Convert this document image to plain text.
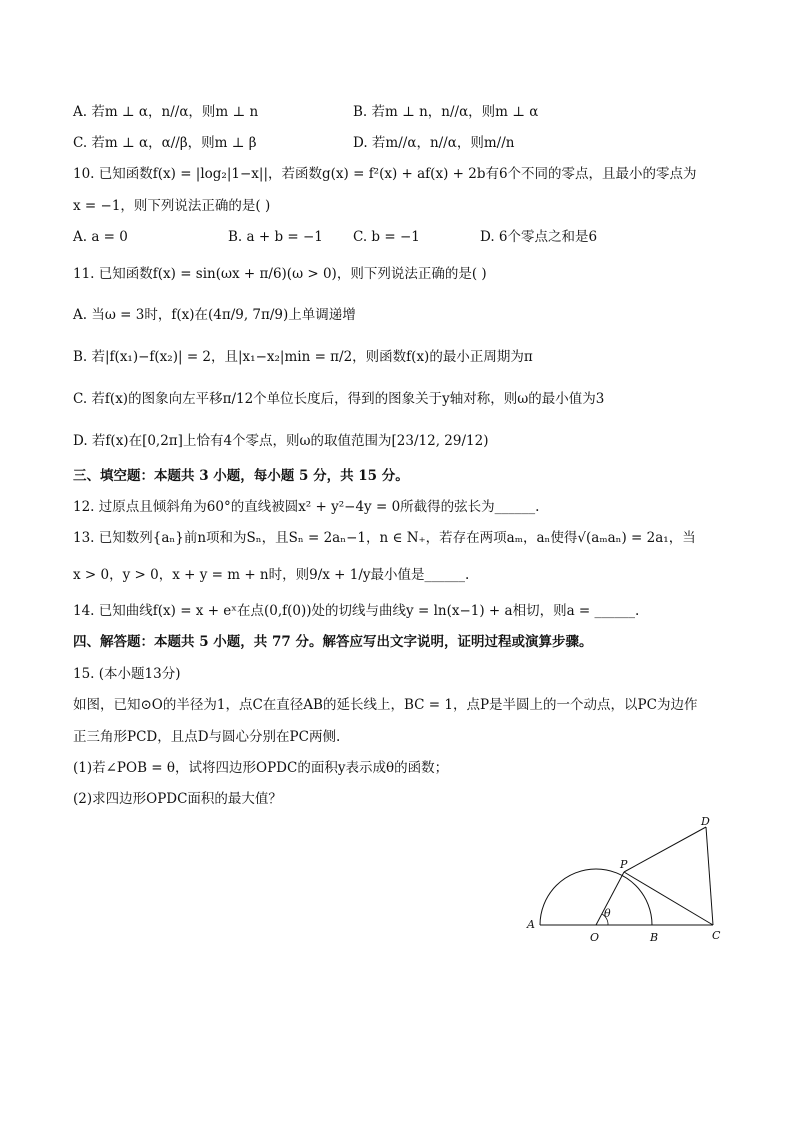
A. 若m ⊥ α，n//α，则m ⊥ n	B. 若m ⊥ n，n//α，则m ⊥ α
C. 若m ⊥ α，α//β，则m ⊥ β	D. 若m//α，n//α，则m//n
10. 已知函数f(x) = |log₂|1−x||，若函数g(x) = f²(x) + af(x) + 2b有6个不同的零点，且最小的零点为
x = −1，则下列说法正确的是( )
A. a = 0	B. a + b = −1 C. b = −1	D. 6个零点之和是6
11. 已知函数f(x) = sin(ωx + π/6)(ω > 0)，则下列说法正确的是( )
A. 当ω = 3时，f(x)在(4π/9, 7π/9)上单调递增
B. 若|f(x₁)−f(x₂)| = 2，且|x₁−x₂|min = π/2，则函数f(x)的最小正周期为π
C. 若f(x)的图象向左平移π/12个单位长度后，得到的图象关于y轴对称，则ω的最小值为3
D. 若f(x)在[0,2π]上恰有4个零点，则ω的取值范围为[23/12, 29/12)
三、填空题：本题共 3 小题，每小题 5 分，共 15 分。
12. 过原点且倾斜角为60°的直线被圆x² + y²−4y = 0所截得的弦长为______.
13. 已知数列{aₙ}前n项和为Sₙ，且Sₙ = 2aₙ−1，n ∈ N₊，若存在两项aₘ，aₙ使得√(aₘaₙ) = 2a₁，当
x > 0，y > 0，x + y = m + n时，则9/x + 1/y最小值是______.
14. 已知曲线f(x) = x + eˣ在点(0,f(0))处的切线与曲线y = ln(x−1) + a相切，则a = ______.
四、解答题：本题共 5 小题，共 77 分。解答应写出文字说明，证明过程或演算步骤。
15. (本小题13分)
如图，已知⊙O的半径为1，点C在直径AB的延长线上，BC = 1，点P是半圆上的一个动点，以PC为边作
正三角形PCD，且点D与圆心分别在PC两侧.
(1)若∠POB = θ，试将四边形OPDC的面积y表示成θ的函数；
(2)求四边形OPDC面积的最大值？
A
O	B	C
P
D
θ
